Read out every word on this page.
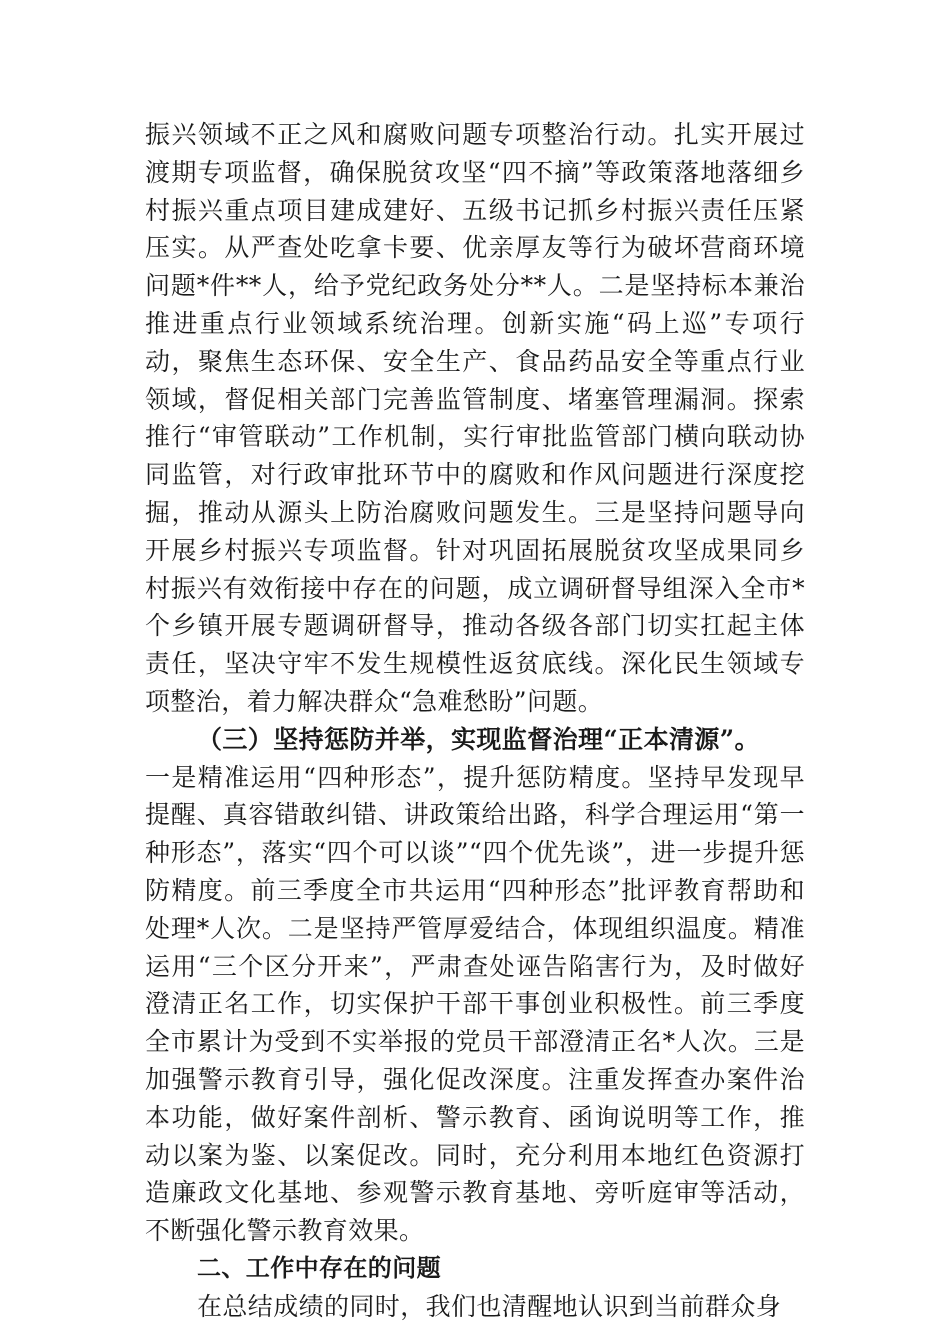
振兴领域不正之风和腐败问题专项整治行动。扎实开展过渡期专项监督，确保脱贫攻坚“四不摘”等政策落地落细乡村振兴重点项目建成建好、五级书记抓乡村振兴责任压紧压实。从严查处吃拿卡要、优亲厚友等行为破坏营商环境问题*件**人，给予党纪政务处分**人。二是坚持标本兼治推进重点行业领域系统治理。创新实施“码上巡”专项行动，聚焦生态环保、安全生产、食品药品安全等重点行业领域，督促相关部门完善监管制度、堵塞管理漏洞。探索推行“审管联动”工作机制，实行审批监管部门横向联动协同监管，对行政审批环节中的腐败和作风问题进行深度挖掘，推动从源头上防治腐败问题发生。三是坚持问题导向开展乡村振兴专项监督。针对巩固拓展脱贫攻坚成果同乡村振兴有效衔接中存在的问题，成立调研督导组深入全市*个乡镇开展专题调研督导，推动各级各部门切实扛起主体责任，坚决守牢不发生规模性返贫底线。深化民生领域专项整治，着力解决群众“急难愁盼”问题。

（三）坚持惩防并举，实现监督治理“正本清源”。

一是精准运用“四种形态”，提升惩防精度。坚持早发现早提醒、真容错敢纠错、讲政策给出路，科学合理运用“第一种形态”，落实“四个可以谈”“四个优先谈”，进一步提升惩防精度。前三季度全市共运用“四种形态”批评教育帮助和处理*人次。二是坚持严管厚爱结合，体现组织温度。精准运用“三个区分开来”，严肃查处诬告陷害行为，及时做好澄清正名工作，切实保护干部干事创业积极性。前三季度全市累计为受到不实举报的党员干部澄清正名*人次。三是加强警示教育引导，强化促改深度。注重发挥查办案件治本功能，做好案件剖析、警示教育、函询说明等工作，推动以案为鉴、以案促改。同时，充分利用本地红色资源打造廉政文化基地、参观警示教育基地、旁听庭审等活动，不断强化警示教育效果。

二、工作中存在的问题

在总结成绩的同时，我们也清醒地认识到当前群众身
